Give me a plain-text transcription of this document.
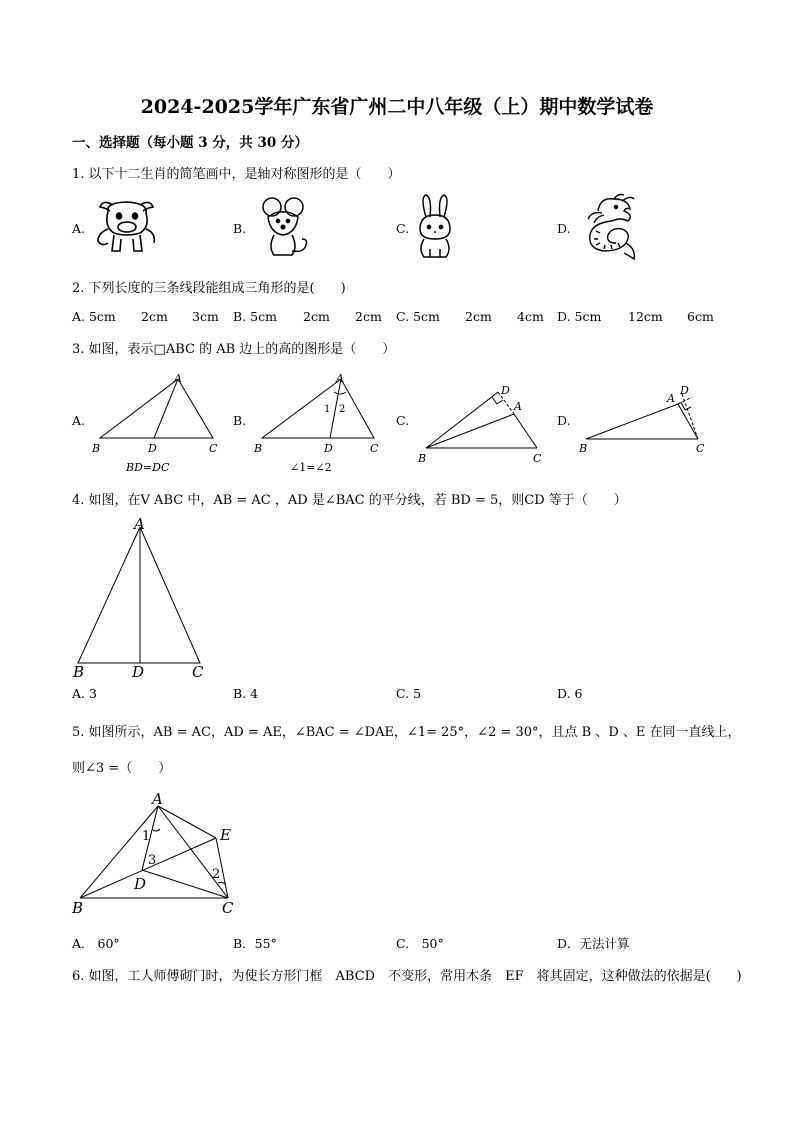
2024-2025学年广东省广州二中八年级（上）期中数学试卷
一、选择题（每小题 3 分，共 30 分）
1. 以下十二生肖的简笔画中，是轴对称图形的是（　　）
A.	B.	C.	D.
2. 下列长度的三条线段能组成三角形的是(　　)
A. 5cm 2cm 3cm B. 5cm 2cm 2cm C. 5cm 2cm 4cm D. 5cm 12cm 6cm
3. 如图，表示□ABC 的 AB 边上的高的图形是（　　）
A.	B.	C.	D.
A
B	D	C
BD=DC
A
1 2
B	D	C
∠1=∠2
D
A
B	C
D
A
B	C
4. 如图，在V ABC 中，AB = AC ，AD 是∠BAC 的平分线，若 BD = 5，则CD 等于（　　）
A
B	D	C
A. 3	B. 4	C. 5	D. 6
5. 如图所示，AB = AC，AD = AE，∠BAC = ∠DAE，∠1= 25°，∠2 = 30°，且点 B 、D 、E 在同一直线上，
则∠3 =（　　）
A
E
1
3
D
2
B	C
A.　60°	B．55°	C.　50°	D．无法计算
6. 如图，工人师傅砌门时，为使长方形门框　ABCD　不变形，常用木条　EF　将其固定，这种做法的依据是(　　)
